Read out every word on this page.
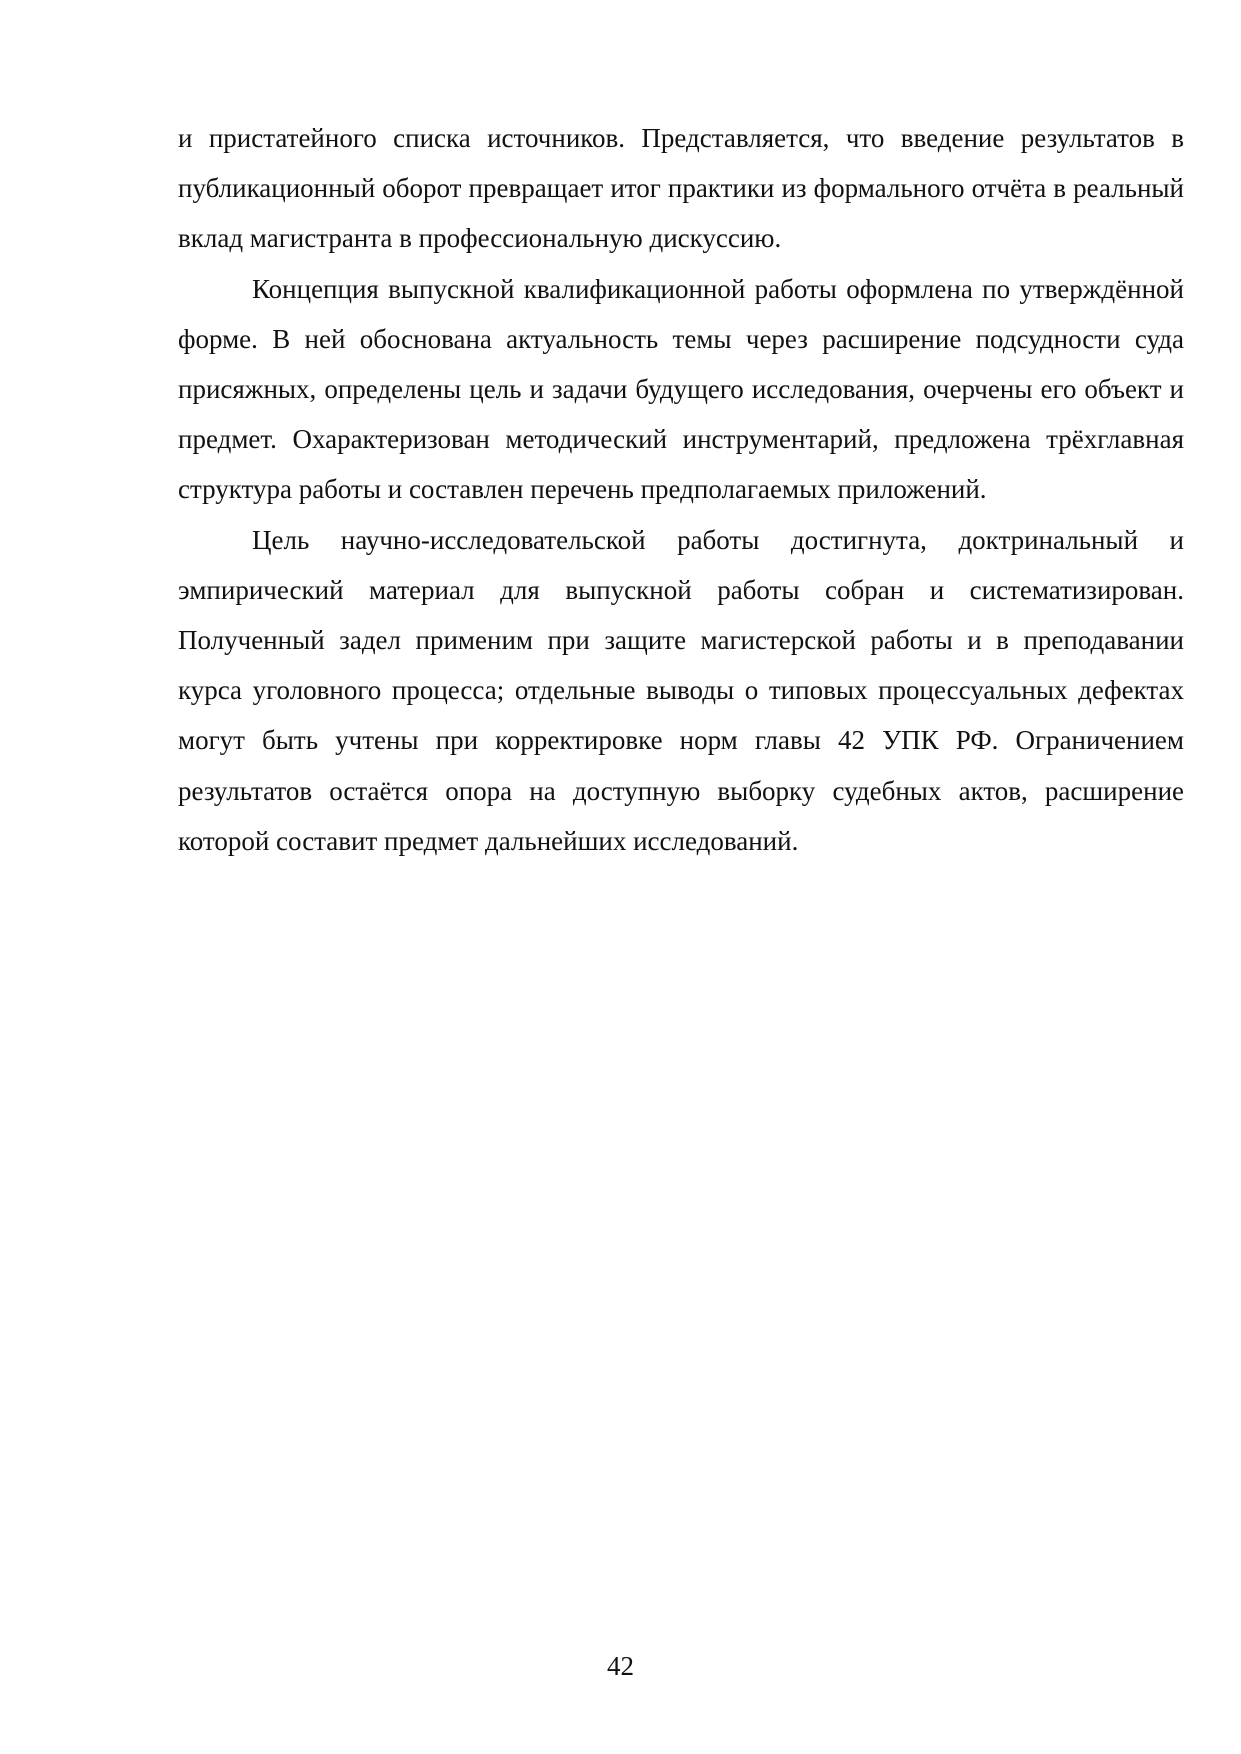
и пристатейного списка источников. Представляется, что введение результатов в публикационный оборот превращает итог практики из формального отчёта в реальный вклад магистранта в профессиональную дискуссию.

Концепция выпускной квалификационной работы оформлена по утверждённой форме. В ней обоснована актуальность темы через расширение подсудности суда присяжных, определены цель и задачи будущего исследования, очерчены его объект и предмет. Охарактеризован методический инструментарий, предложена трёхглавная структура работы и составлен перечень предполагаемых приложений.

Цель научно-исследовательской работы достигнута, доктринальный и эмпирический материал для выпускной работы собран и систематизирован. Полученный задел применим при защите магистерской работы и в преподавании курса уголовного процесса; отдельные выводы о типовых процессуальных дефектах могут быть учтены при корректировке норм главы 42 УПК РФ. Ограничением результатов остаётся опора на доступную выборку судебных актов, расширение которой составит предмет дальнейших исследований.

42
